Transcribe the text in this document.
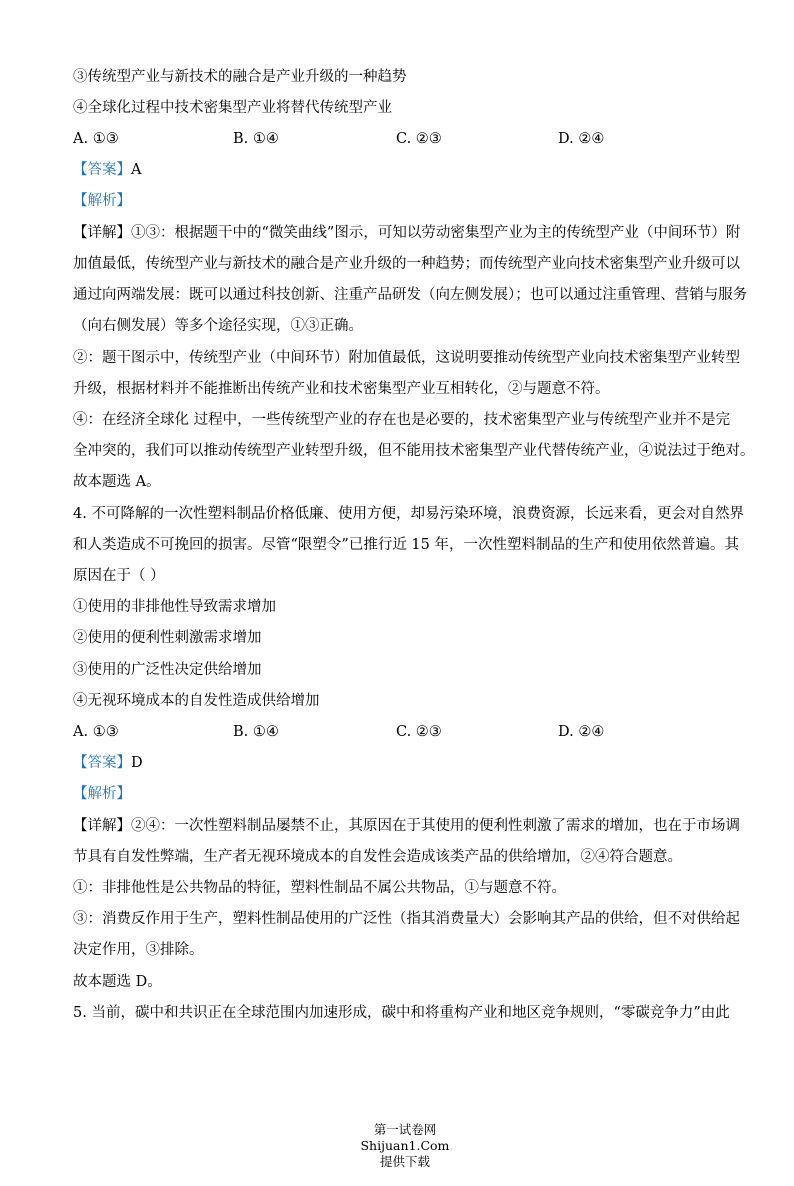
③传统型产业与新技术的融合是产业升级的一种趋势
④全球化过程中技术密集型产业将替代传统型产业
A. ①③	B. ①④	C. ②③	D. ②④
【答案】A
【解析】
【详解】①③：根据题干中的“微笑曲线”图示，可知以劳动密集型产业为主的传统型产业（中间环节）附
加值最低，传统型产业与新技术的融合是产业升级的一种趋势；而传统型产业向技术密集型产业升级可以
通过向两端发展：既可以通过科技创新、注重产品研发（向左侧发展）；也可以通过注重管理、营销与服务
（向右侧发展）等多个途径实现，①③正确。
②：题干图示中，传统型产业（中间环节）附加值最低，这说明要推动传统型产业向技术密集型产业转型
升级，根据材料并不能推断出传统产业和技术密集型产业互相转化，②与题意不符。
④：在经济全球化 过程中，一些传统型产业的存在也是必要的，技术密集型产业与传统型产业并不是完
全冲突的，我们可以推动传统型产业转型升级，但不能用技术密集型产业代替传统产业，④说法过于绝对。
故本题选 A。
4. 不可降解的一次性塑料制品价格低廉、使用方便，却易污染环境，浪费资源，长远来看，更会对自然界
和人类造成不可挽回的损害。尽管“限塑令”已推行近 15 年，一次性塑料制品的生产和使用依然普遍。其
原因在于（ ）
①使用的非排他性导致需求增加
②使用的便利性刺激需求增加
③使用的广泛性决定供给增加
④无视环境成本的自发性造成供给增加
A. ①③	B. ①④	C. ②③	D. ②④
【答案】D
【解析】
【详解】②④：一次性塑料制品屡禁不止，其原因在于其使用的便利性刺激了需求的增加，也在于市场调
节具有自发性弊端，生产者无视环境成本的自发性会造成该类产品的供给增加，②④符合题意。
①：非排他性是公共物品的特征，塑料性制品不属公共物品，①与题意不符。
③：消费反作用于生产，塑料性制品使用的广泛性（指其消费量大）会影响其产品的供给，但不对供给起
决定作用，③排除。
故本题选 D。
5. 当前，碳中和共识正在全球范围内加速形成，碳中和将重构产业和地区竞争规则，“零碳竞争力”由此

第一试卷网
Shijuan1.Com
提供下载
